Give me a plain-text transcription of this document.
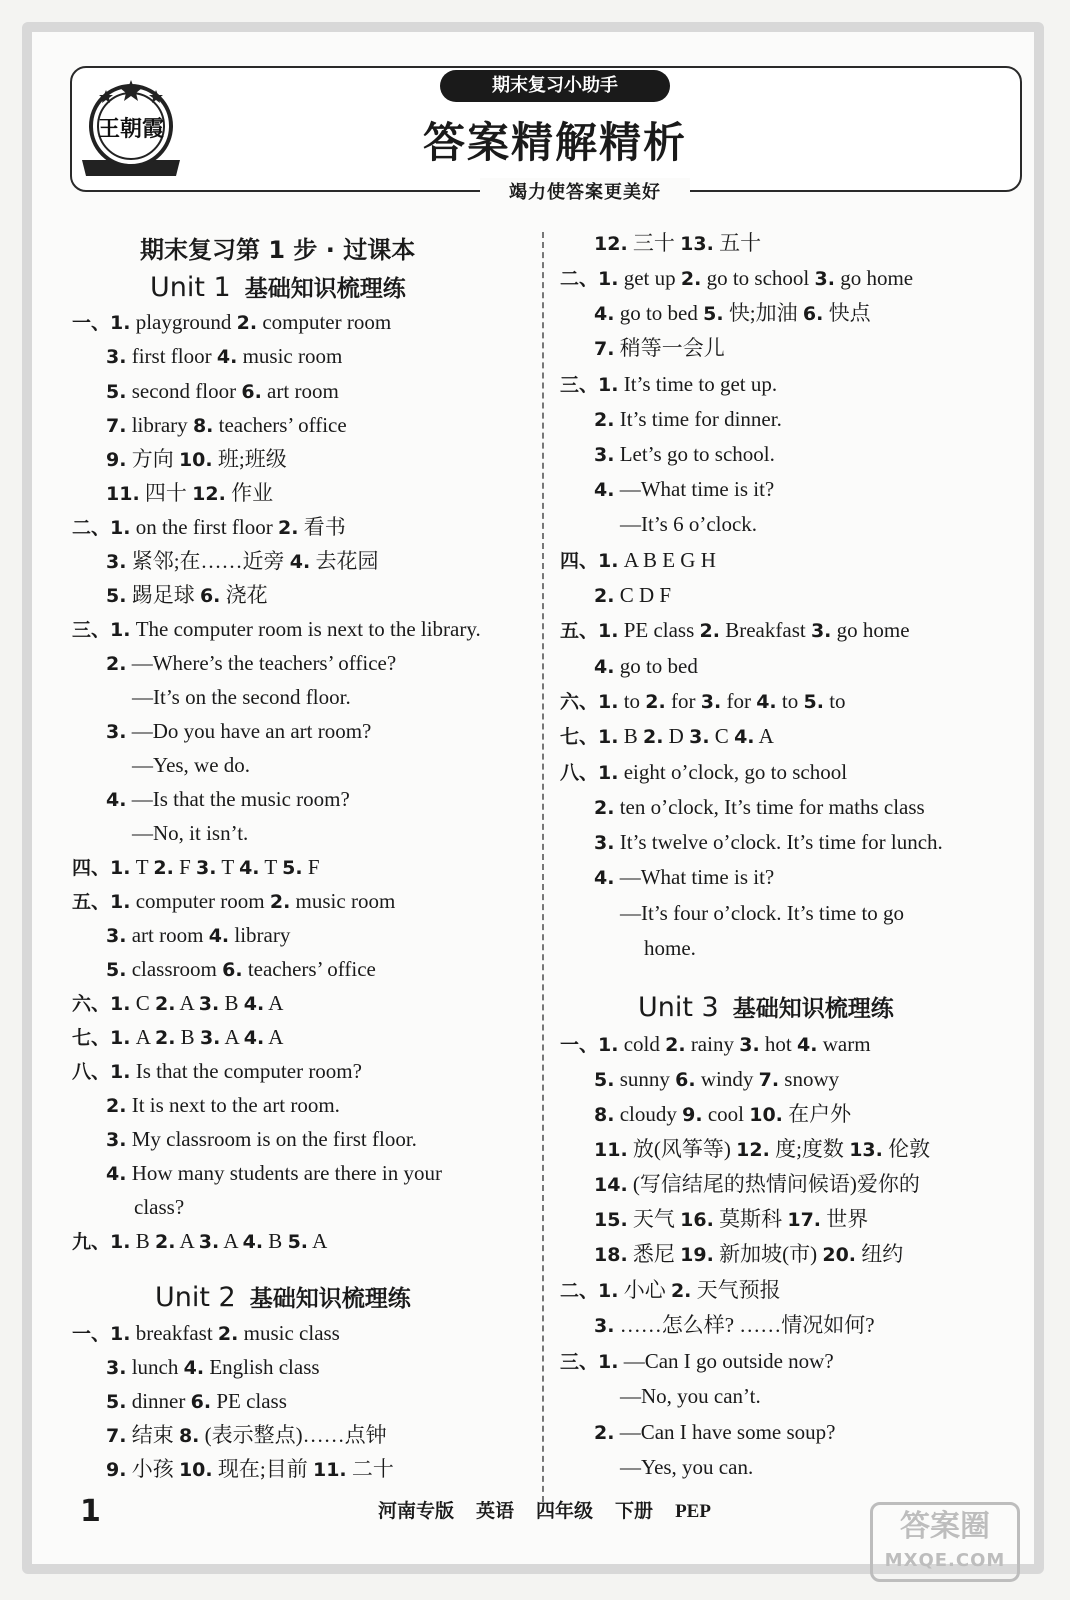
王朝霞
期末复习小助手
答案精解精析
竭力使答案更美好
期末复习第 1 步 · 过课本
Unit 1 基础知识梳理练
Unit 2 基础知识梳理练
Unit 3 基础知识梳理练
一、1. playground 2. computer room
3. first floor 4. music room
5. second floor 6. art room
7. library 8. teachers’ office
9. 方向 10. 班;班级
11. 四十 12. 作业
二、1. on the first floor 2. 看书
3. 紧邻;在……近旁 4. 去花园
5. 踢足球 6. 浇花
三、1. The computer room is next to the library.
2. —Where’s the teachers’ office?
—It’s on the second floor.
3. —Do you have an art room?
—Yes, we do.
4. —Is that the music room?
—No, it isn’t.
四、1. T 2. F 3. T 4. T 5. F
五、1. computer room 2. music room
3. art room 4. library
5. classroom 6. teachers’ office
六、1. C 2. A 3. B 4. A
七、1. A 2. B 3. A 4. A
八、1. Is that the computer room?
2. It is next to the art room.
3. My classroom is on the first floor.
4. How many students are there in your
class?
九、1. B 2. A 3. A 4. B 5. A
一、1. breakfast 2. music class
3. lunch 4. English class
5. dinner 6. PE class
7. 结束 8. (表示整点)……点钟
9. 小孩 10. 现在;目前 11. 二十
12. 三十 13. 五十
二、1. get up 2. go to school 3. go home
4. go to bed 5. 快;加油 6. 快点
7. 稍等一会儿
三、1. It’s time to get up.
2. It’s time for dinner.
3. Let’s go to school.
4. —What time is it?
—It’s 6 o’clock.
四、1. A B E G H
2. C D F
五、1. PE class 2. Breakfast 3. go home
4. go to bed
六、1. to 2. for 3. for 4. to 5. to
七、1. B 2. D 3. C 4. A
八、1. eight o’clock, go to school
2. ten o’clock, It’s time for maths class
3. It’s twelve o’clock. It’s time for lunch.
4. —What time is it?
—It’s four o’clock. It’s time to go
home.
一、1. cold 2. rainy 3. hot 4. warm
5. sunny 6. windy 7. snowy
8. cloudy 9. cool 10. 在户外
11. 放(风筝等) 12. 度;度数 13. 伦敦
14. (写信结尾的热情问候语)爱你的
15. 天气 16. 莫斯科 17. 世界
18. 悉尼 19. 新加坡(市) 20. 纽约
二、1. 小心 2. 天气预报
3. ……怎么样? ……情况如何?
三、1. —Can I go outside now?
—No, you can’t.
2. —Can I have some soup?
—Yes, you can.
1	河南专版 英语 四年级 下册 PEP	答案圈
MXQE.COM
